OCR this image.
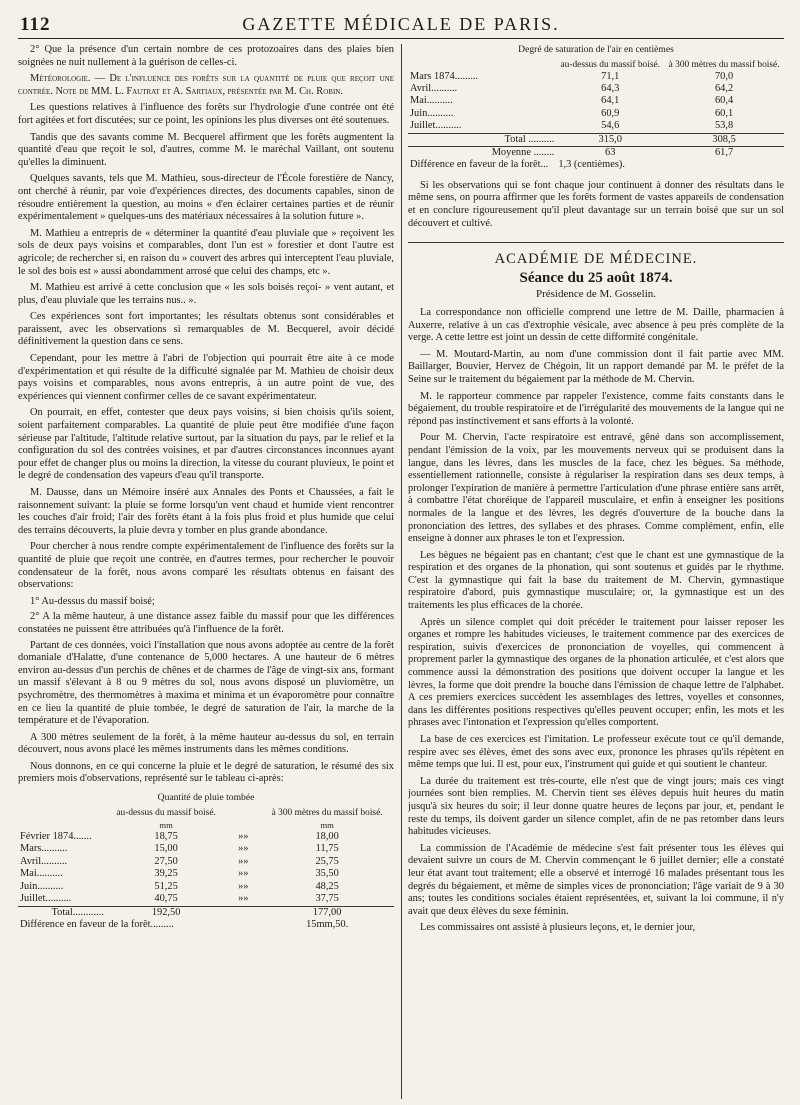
112	GAZETTE MÉDICALE DE PARIS.

2° Que la présence d'un certain nombre de ces protozoaires dans des plaies bien soignées ne nuit nullement à la guérison de celles-ci.

Météorologie. — De l'influence des forêts sur la quantité de pluie que reçoit une contrée. Note de MM. L. Fautrat et A. Sartiaux, présentée par M. Ch. Robin.

Les questions relatives à l'influence des forêts sur l'hydrologie d'une contrée ont été fort agitées et fort discutées; sur ce point, les opinions les plus diverses ont été soutenues.

Tandis que des savants comme M. Becquerel affirment que les forêts augmentent la quantité d'eau que reçoit le sol, d'autres, comme M. le maréchal Vaillant, ont soutenu qu'elles la diminuent.

Quelques savants, tels que M. Mathieu, sous-directeur de l'École forestière de Nancy, ont cherché à réunir, par voie d'expériences directes, des documents capables, sinon de résoudre entièrement la question, au moins « d'en éclairer certaines parties et de réunir expérimentalement » quelques-uns des matériaux nécessaires à la solution future ».

M. Mathieu a entrepris de « déterminer la quantité d'eau pluviale que » reçoivent les sols de deux pays voisins et comparables, dont l'un est » forestier et dont l'autre est agricole; de rechercher si, en raison du » couvert des arbres qui interceptent l'eau pluviale, le sol des bois est » aussi abondamment arrosé que celui des champs, etc ».

M. Mathieu est arrivé à cette conclusion que « les sols boisés reçoi- » vent autant, et plus, d'eau pluviale que les terrains nus.. ».

Ces expériences sont fort importantes; les résultats obtenus sont considérables et paraissent, avec les observations si remarquables de M. Becquerel, avoir décidé définitivement la question dans ce sens.

Cependant, pour les mettre à l'abri de l'objection qui pourrait être aite à ce mode d'expérimentation et qui résulte de la difficulté signalée par M. Mathieu de choisir deux pays voisins et comparables, nous avons entrepris, à un autre point de vue, des expériences qui viennent confirmer celles de ce savant expérimentateur.

On pourrait, en effet, contester que deux pays voisins, si bien choisis qu'ils soient, soient parfaitement comparables. La quantité de pluie peut être modifiée d'une façon sérieuse par l'altitude, l'altitude relative surtout, par la situation du pays, par le relief et la configuration du sol des contrées voisines, et par d'autres circonstances inconnues ayant pour effet de changer plus ou moins la direction, la vitesse du courant pluvieux, le point et le degré de condensation des vapeurs d'eau qu'il transporte.

M. Dausse, dans un Mémoire inséré aux Annales des Ponts et Chaussées, a fait le raisonnement suivant: la pluie se forme lorsqu'un vent chaud et humide vient rencontrer les couches d'air froid; l'air des forêts étant à la fois plus froid et plus humide que celui des terrains découverts, la pluie devra y tomber en plus grande abondance.

Pour chercher à nous rendre compte expérimentalement de l'influence des forêts sur la quantité de pluie que reçoit une contrée, en d'autres termes, pour rechercher le pouvoir condensateur de la forêt, nous avons comparé les résultats obtenus en faisant des observations:

1° Au-dessus du massif boisé;

2° A la même hauteur, à une distance assez faible du massif pour que les différences constatées ne puissent être attribuées qu'à l'influence de la forêt.

Partant de ces données, voici l'installation que nous avons adoptée au centre de la forêt domaniale d'Halatte, d'une contenance de 5,000 hectares. A une hauteur de 6 mètres environ au-dessus d'un perchis de chênes et de charmes de l'âge de vingt-six ans, formant un massif s'élevant à 8 ou 9 mètres du sol, nous avons disposé un pluviomètre, un psychromètre, des thermomètres à maxima et minima et un évaporomètre pour connaître en ce lieu la quantité de pluie tombée, le degré de saturation de l'air, la marche de la température et de l'évaporation.

A 300 mètres seulement de la forêt, à la même hauteur au-dessus du sol, en terrain découvert, nous avons placé les mêmes instruments dans les mêmes conditions.

Nous donnons, en ce qui concerne la pluie et le degré de saturation, le résumé des six premiers mois d'observations, représenté sur le tableau ci-après:

Quantité de pluie tombée
	au-dessus du massif boisé.		à 300 mètres du massif boisé.
	mm		mm
Février 1874.......	18,75	»»	18,00
Mars..........	15,00	»»	11,75
Avril..........	27,50	»»	25,75
Mai..........	39,25	»»	35,50
Juin..........	51,25	»»	48,25
Juillet..........	40,75	»»	37,75
Total............	192,50		177,00
Différence en faveur de la forêt.........			15mm,50.
Degré de saturation de l'air en centièmes
	au-dessus du massif boisé.	à 300 mètres du massif boisé.
Mars 1874.........	71,1	70,0
Avril..........	64,3	64,2
Mai..........	64,1	60,4
Juin..........	60,9	60,1
Juillet..........	54,6	53,8
Total ..........	315,0	308,5
Moyenne ........	63	61,7
Différence en faveur de la forêt...	1,3 (centièmes).	

Si les observations qui se font chaque jour continuent à donner des résultats dans le même sens, on pourra affirmer que les forêts forment de vastes appareils de condensation et en conclure rigoureusement qu'il pleut davantage sur un terrain boisé que sur un sol découvert et cultivé.

ACADÉMIE DE MÉDECINE.
Séance du 25 août 1874.
Présidence de M. Gosselin.

La correspondance non officielle comprend une lettre de M. Daille, pharmacien à Auxerre, relative à un cas d'extrophie vésicale, avec absence à peu près complète de la verge. A cette lettre est joint un dessin de cette difformité congénitale.

— M. Moutard-Martin, au nom d'une commission dont il fait partie avec MM. Baillarger, Bouvier, Hervez de Chégoin, lit un rapport demandé par M. le préfet de la Seine sur le traitement du bégaiement par la méthode de M. Chervin.

M. le rapporteur commence par rappeler l'existence, comme faits constants dans le bégaiement, du trouble respiratoire et de l'irrégularité des mouvements de la langue qui ne répond pas instinctivement et sans efforts à la volonté.

Pour M. Chervin, l'acte respiratoire est entravé, gêné dans son accomplissement, pendant l'émission de la voix, par les mouvements nerveux qui se produisent dans la langue, dans les lèvres, dans les muscles de la face, chez les bègues. Sa méthode, essentiellement rationnelle, consiste à régulariser la respiration dans ses deux temps, à prolonger l'expiration de manière à permettre l'articulation d'une phrase entière sans arrêt, à combattre l'état choréique de l'appareil musculaire, et enfin à enseigner les positions normales de la langue et des lèvres, les degrés d'ouverture de la bouche dans la prononciation des lettres, des syllabes et des phrases. Comme complément, enfin, elle enseigne à donner aux phrases le ton et l'expression.

Les bègues ne bégaient pas en chantant; c'est que le chant est une gymnastique de la respiration et des organes de la phonation, qui sont soutenus et guidés par le rhythme. C'est la gymnastique qui fait la base du traitement de M. Chervin, gymnastique respiratoire d'abord, puis gymnastique musculaire; or, la gymnastique est un des traitements les plus efficaces de la chorée.

Après un silence complet qui doit précéder le traitement pour laisser reposer les organes et rompre les habitudes vicieuses, le traitement commence par des exercices de respiration, suivis d'exercices de prononciation de voyelles, qui commencent à proprement parler la gymnastique des organes de la phonation articulée, et c'est alors que commence aussi la démonstration des positions que doivent occuper la langue et les lèvres, la forme que doit prendre la bouche dans l'émission de chaque lettre de l'alphabet. A ces premiers exercices succèdent les assemblages des lettres, voyelles et consonnes, dans les différentes positions respectives qu'elles peuvent occuper; enfin, les mots et les phrases avec l'intonation et l'expression qu'elles comportent.

La base de ces exercices est l'imitation. Le professeur exécute tout ce qu'il demande, respire avec ses élèves, émet des sons avec eux, prononce les phrases qu'ils répètent en même temps que lui. Il est, pour eux, l'instrument qui guide et qui soutient le chanteur.

La durée du traitement est très-courte, elle n'est que de vingt jours; mais ces vingt journées sont bien remplies. M. Chervin tient ses élèves depuis huit heures du matin jusqu'à six heures du soir; il leur donne quatre heures de leçons par jour, et, pendant le reste du temps, ils doivent garder un silence complet, afin de ne pas retomber dans leurs habitudes vicieuses.

La commission de l'Académie de médecine s'est fait présenter tous les élèves qui devaient suivre un cours de M. Chervin commençant le 6 juillet dernier; elle a constaté leur état avant tout traitement; elle a observé et interrogé 16 malades présentant tous les degrés du bégaiement, et même de simples vices de prononciation; l'âge variait de 9 à 30 ans; toutes les conditions sociales étaient représentées, et, suivant la loi commune, il n'y avait que deux élèves du sexe féminin.

Les commissaires ont assisté à plusieurs leçons, et, le dernier jour,
